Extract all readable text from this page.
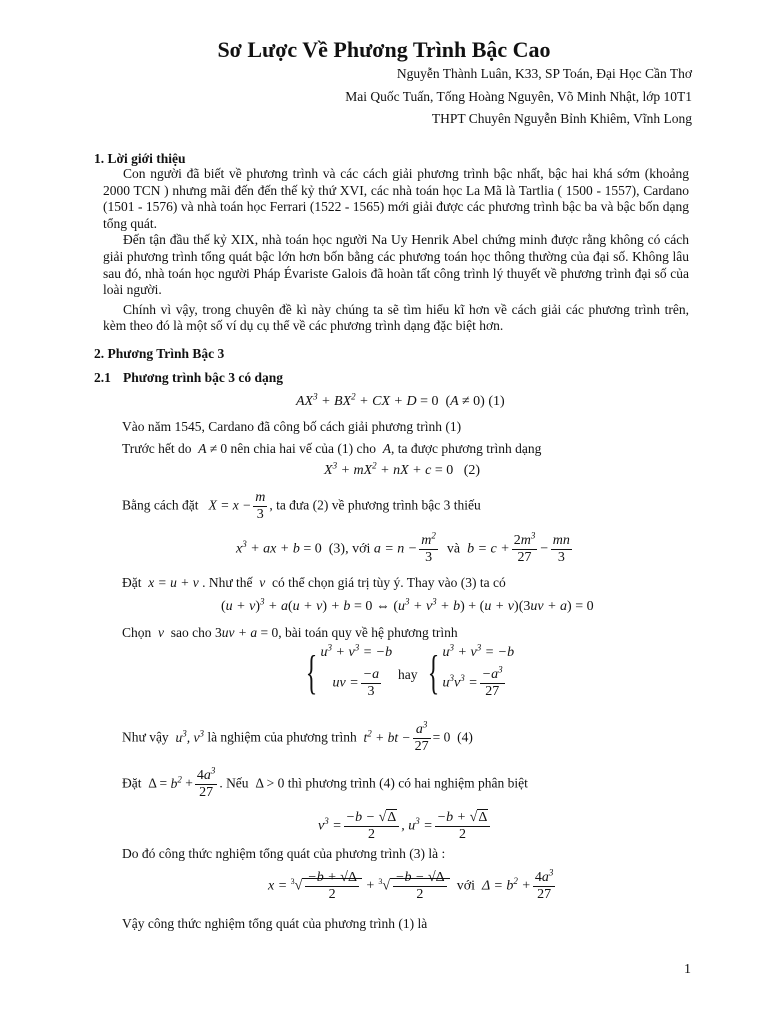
Sơ Lược Về Phương Trình Bậc Cao
Nguyễn Thành Luân, K33, SP Toán, Đại Học Cần Thơ
Mai Quốc Tuấn, Tống Hoàng Nguyên, Võ Minh Nhật, lớp 10T1
THPT Chuyên Nguyễn Bỉnh Khiêm, Vĩnh Long
1. Lời giới thiệu

Con người đã biết về phương trình và các cách giải phương trình bậc nhất, bậc hai khá sớm (khoảng 2000 TCN ) nhưng mãi đến đến thế kỷ thứ XVI, các nhà toán học La Mã là Tartlia ( 1500 - 1557), Cardano (1501 - 1576) và nhà toán học Ferrari (1522 - 1565) mới giải được các phương trình bậc ba và bậc bốn dạng tổng quát.

Đến tận đầu thế kỷ XIX, nhà toán học người Na Uy Henrik Abel chứng minh được rằng không có cách giải phương trình tổng quát bậc lớn hơn bốn bằng các phương toán học thông thường của đại số. Không lâu sau đó, nhà toán học người Pháp Évariste Galois đã hoàn tất công trình lý thuyết về phương trình đại số của loài người.

Chính vì vậy, trong chuyên đề kì này chúng ta sẽ tìm hiểu kĩ hơn về cách giải các phương trình trên, kèm theo đó là một số ví dụ cụ thể về các phương trình dạng đặc biệt hơn.

2. Phương Trình Bậc 3
2.1 Phương trình bậc 3 có dạng
$AX^3 + BX^2$ + CX + D = 0 (A ≠ 0) (1)
Vào năm 1545, Cardano đã công bố cách giải phương trình (1)
Trước hết do  A ≠ 0 nên chia hai vế của (1) cho  A, ta được phương trình dạng
$X^3 + mX^2$ + nX + c = 0 (2)
Bằng cách đặt $X = x - \frac{m}{3}$ , ta đưa (2) về phương trình bậc 3 thiếu
$x^3$ + ax + b = 0  (3), với $a = n - \frac{m^2}{3}$ và  $b = c + \frac{2m^3}{27} - \frac{mn}{3}$
Đặt x = u + v . Như thế v có thể chọn giá trị tùy ý. Thay vào (3) ta có
$(u + v)^3 + a(u + v) + b = 0$ ⇔ $(u^3 + v^3 + b) + (u + v)(3uv + a) = 0$
Chọn v sao cho 3uv + a = 0, bài toán quy về hệ phương trình
{ $u^3 + v^3 = -b$
uv = $\frac{-a}{3}$ hay { $u^3 + v^3 = -b$
$u^3v^3 = \frac{-a^3}{27}$
Như vậy $u^3$, $v^3$ là nghiệm của phương trình $t^2$ + bt − $\frac{a^3}{27} = 0$  (4)
Đặt  $\Delta = b^2 + \frac{4a^3}{27}$ . Nếu  Δ > 0 thì phương trình (4) có hai nghiệm phân biệt
$v^3 = \frac{-b - √\Delta}{2}$ , $u^3 = \frac{-b + √\Delta}{2}$
Do đó công thức nghiệm tổng quát của phương trình (3) là :
$x = ^3√ \frac{-b + √\Delta}{2} + ^3√ \frac{-b - √\Delta}{2}$ với  $\Delta = b^2 + \frac{4a^3}{27}$
Vậy công thức nghiệm tổng quát của phương trình (1) là
1
